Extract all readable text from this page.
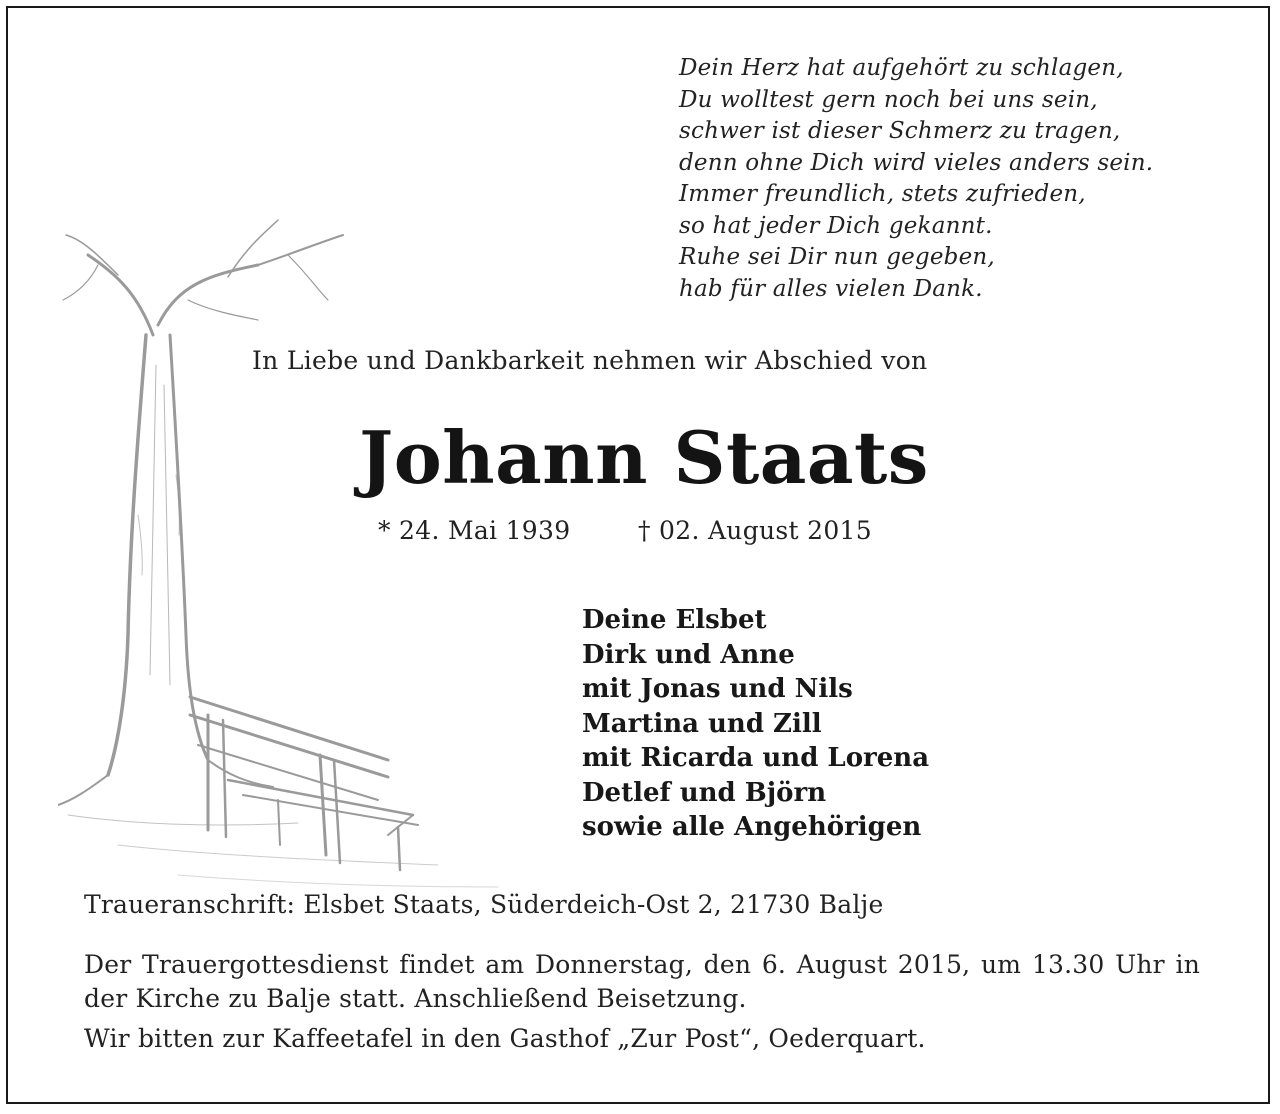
Dein Herz hat aufgehört zu schlagen,
Du wolltest gern noch bei uns sein,
schwer ist dieser Schmerz zu tragen,
denn ohne Dich wird vieles anders sein.
Immer freundlich, stets zufrieden,
so hat jeder Dich gekannt.
Ruhe sei Dir nun gegeben,
hab für alles vielen Dank.
In Liebe und Dankbarkeit nehmen wir Abschied von
Johann Staats
* 24. Mai 1939	† 02. August 2015
Deine Elsbet
Dirk und Anne
mit Jonas und Nils
Martina und Zill
mit Ricarda und Lorena
Detlef und Björn
sowie alle Angehörigen
Traueranschrift: Elsbet Staats, Süderdeich-Ost 2, 21730 Balje
Der Trauergottesdienst findet am Donnerstag, den 6. August 2015, um 13.30 Uhr in der Kirche zu Balje statt. Anschließend Beisetzung.
Wir bitten zur Kaffeetafel in den Gasthof „Zur Post“, Oederquart.
